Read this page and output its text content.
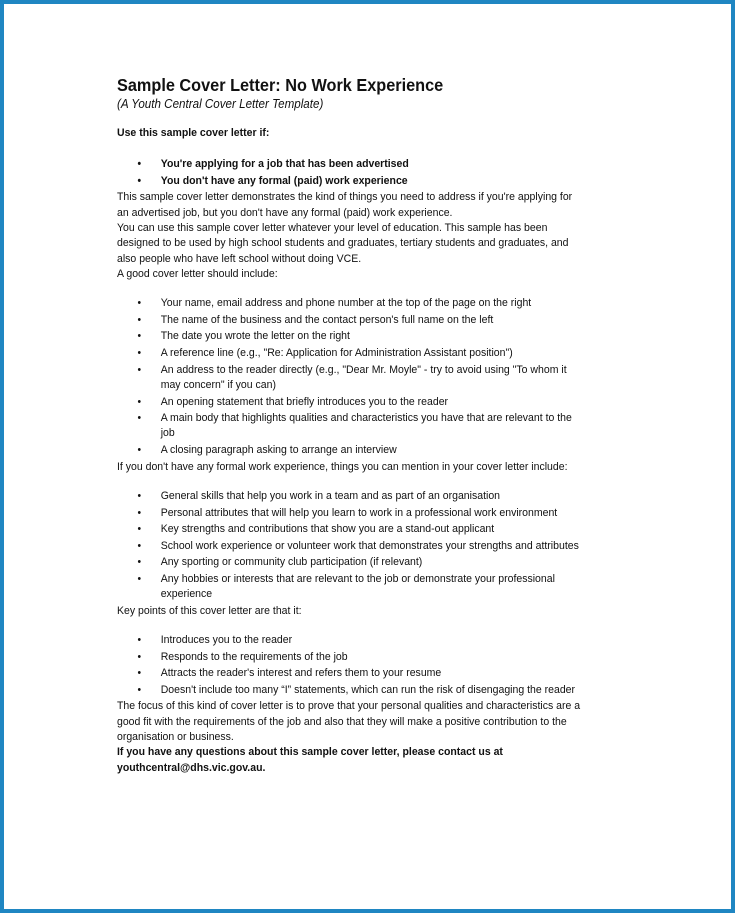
Sample Cover Letter: No Work Experience
(A Youth Central Cover Letter Template)
Use this sample cover letter if:
• You're applying for a job that has been advertised
• You don't have any formal (paid) work experience

This sample cover letter demonstrates the kind of things you need to address if you're applying for an advertised job, but you don't have any formal (paid) work experience.

You can use this sample cover letter whatever your level of education. This sample has been designed to be used by high school students and graduates, tertiary students and graduates, and also people who have left school without doing VCE.

A good cover letter should include:

• Your name, email address and phone number at the top of the page on the right
• The name of the business and the contact person's full name on the left
• The date you wrote the letter on the right
• A reference line (e.g., "Re: Application for Administration Assistant position")
• An address to the reader directly (e.g., "Dear Mr. Moyle" - try to avoid using "To whom it may concern" if you can)
• An opening statement that briefly introduces you to the reader
• A main body that highlights qualities and characteristics you have that are relevant to the job
• A closing paragraph asking to arrange an interview

If you don't have any formal work experience, things you can mention in your cover letter include:

• General skills that help you work in a team and as part of an organisation
• Personal attributes that will help you learn to work in a professional work environment
• Key strengths and contributions that show you are a stand-out applicant
• School work experience or volunteer work that demonstrates your strengths and attributes
• Any sporting or community club participation (if relevant)
• Any hobbies or interests that are relevant to the job or demonstrate your professional experience

Key points of this cover letter are that it:

• Introduces you to the reader
• Responds to the requirements of the job
• Attracts the reader's interest and refers them to your resume
• Doesn't include too many “I” statements, which can run the risk of disengaging the reader

The focus of this kind of cover letter is to prove that your personal qualities and characteristics are a good fit with the requirements of the job and also that they will make a positive contribution to the organisation or business.

If you have any questions about this sample cover letter, please contact us at youthcentral@dhs.vic.gov.au.
